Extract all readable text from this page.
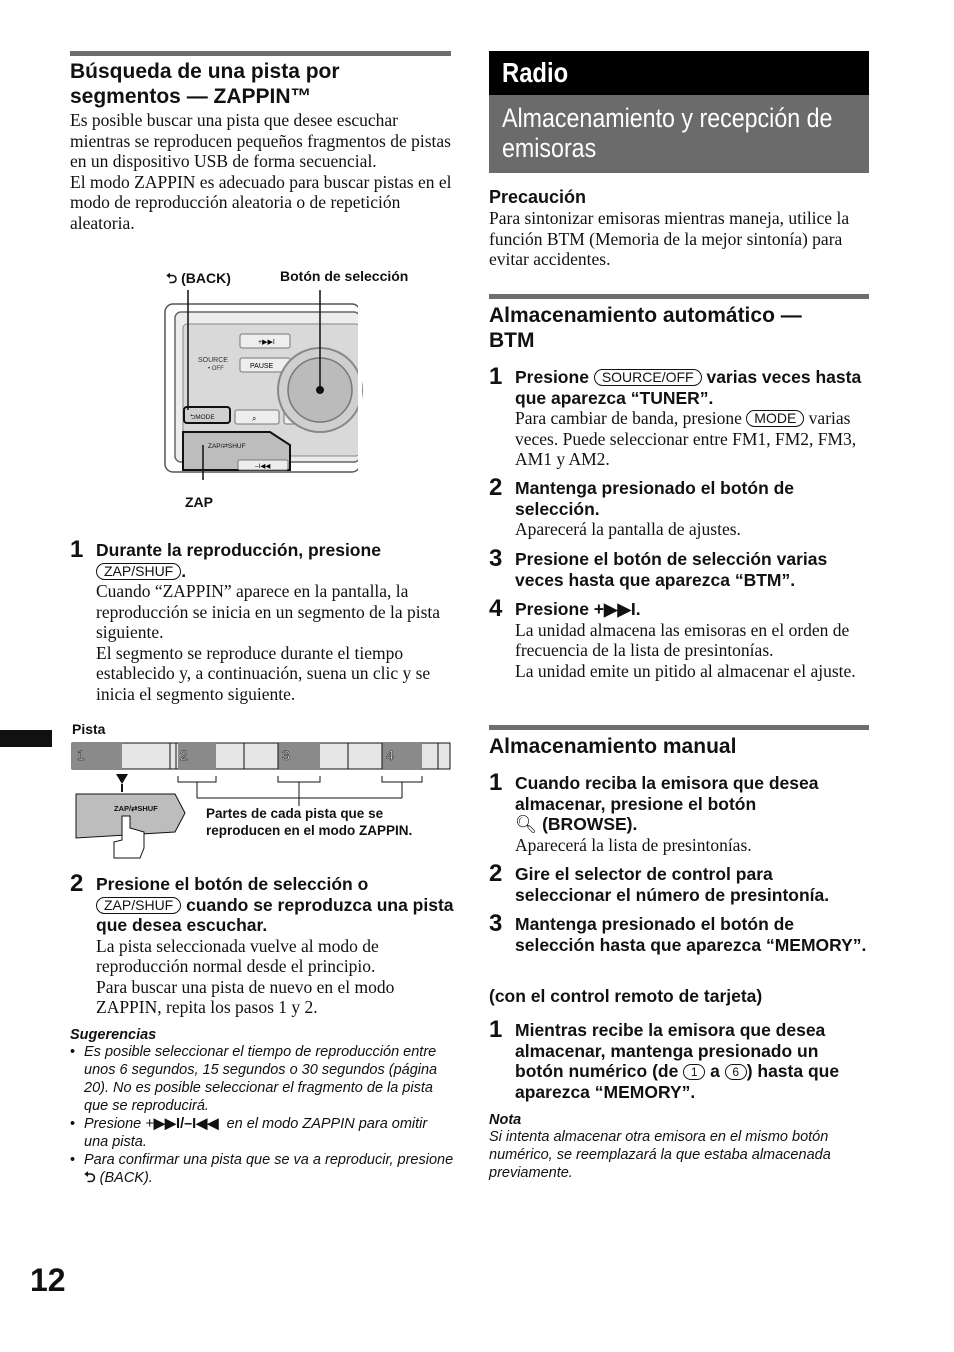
Búsqueda de una pista por segmentos — ZAPPIN™

Es posible buscar una pista que desee escuchar mientras se reproducen pequeños fragmentos de pistas en un dispositivo USB de forma secuencial.

El modo ZAPPIN es adecuado para buscar pistas en el modo de reproducción aleatoria o de repetición aleatoria.

⮌ (BACK)	Botón de selección
SOURCE
• OFF
+▶▶I
PAUSE
⮌MODE	⌕
ZAP/⇄SHUF
–I◀◀
ZAP
1 Durante la reproducción, presione
ZAP/SHUF .

Cuando “ZAPPIN” aparece en la pantalla, la reproducción se inicia en un segmento de la pista siguiente.

El segmento se reproduce durante el tiempo establecido y, a continuación, suena un clic y se inicia el segmento siguiente.

Pista
1	2	3	4
ZAP/⇄SHUF	Partes de cada pista que se reproducen en el modo ZAPPIN.
2 Presione el botón de selección o
ZAP/SHUF cuando se reproduzca una pista que desea escuchar.

La pista seleccionada vuelve al modo de reproducción normal desde el principio.

Para buscar una pista de nuevo en el modo ZAPPIN, repita los pasos 1 y 2.

Sugerencias

• Es posible seleccionar el tiempo de reproducción entre unos 6 segundos, 15 segundos o 30 segundos (página 20). No es posible seleccionar el fragmento de la pista que se reproducirá.
• Presione +▶▶I/–I◀◀ en el modo ZAPPIN para omitir una pista.
• Para confirmar una pista que se va a reproducir, presione ⮌ (BACK).
12
Radio
Almacenamiento y recepción de emisoras
Precaución

Para sintonizar emisoras mientras maneja, utilice la función BTM (Memoria de la mejor sintonía) para evitar accidentes.

Almacenamiento automático — BTM
1 Presione SOURCE/OFF varias veces hasta que aparezca “TUNER”.

Para cambiar de banda, presione MODE varias veces. Puede seleccionar entre FM1, FM2, FM3, AM1 y AM2.

2 Mantenga presionado el botón de selección.

Aparecerá la pantalla de ajustes.

3 Presione el botón de selección varias veces hasta que aparezca “BTM”.

4 Presione +▶▶I.

La unidad almacena las emisoras en el orden de frecuencia de la lista de presintonías.

La unidad emite un pitido al almacenar el ajuste.

Almacenamiento manual
1 Cuando reciba la emisora que desea almacenar, presione el botón
🔍︎ (BROWSE).

Aparecerá la lista de presintonías.

2 Gire el selector de control para seleccionar el número de presintonía.

3 Mantenga presionado el botón de selección hasta que aparezca “MEMORY”.

(con el control remoto de tarjeta)
1 Mientras recibe la emisora que desea almacenar, mantenga presionado un botón numérico (de 1 a 6 ) hasta que aparezca “MEMORY”.

Nota

Si intenta almacenar otra emisora en el mismo botón numérico, se reemplazará la que estaba almacenada previamente.
